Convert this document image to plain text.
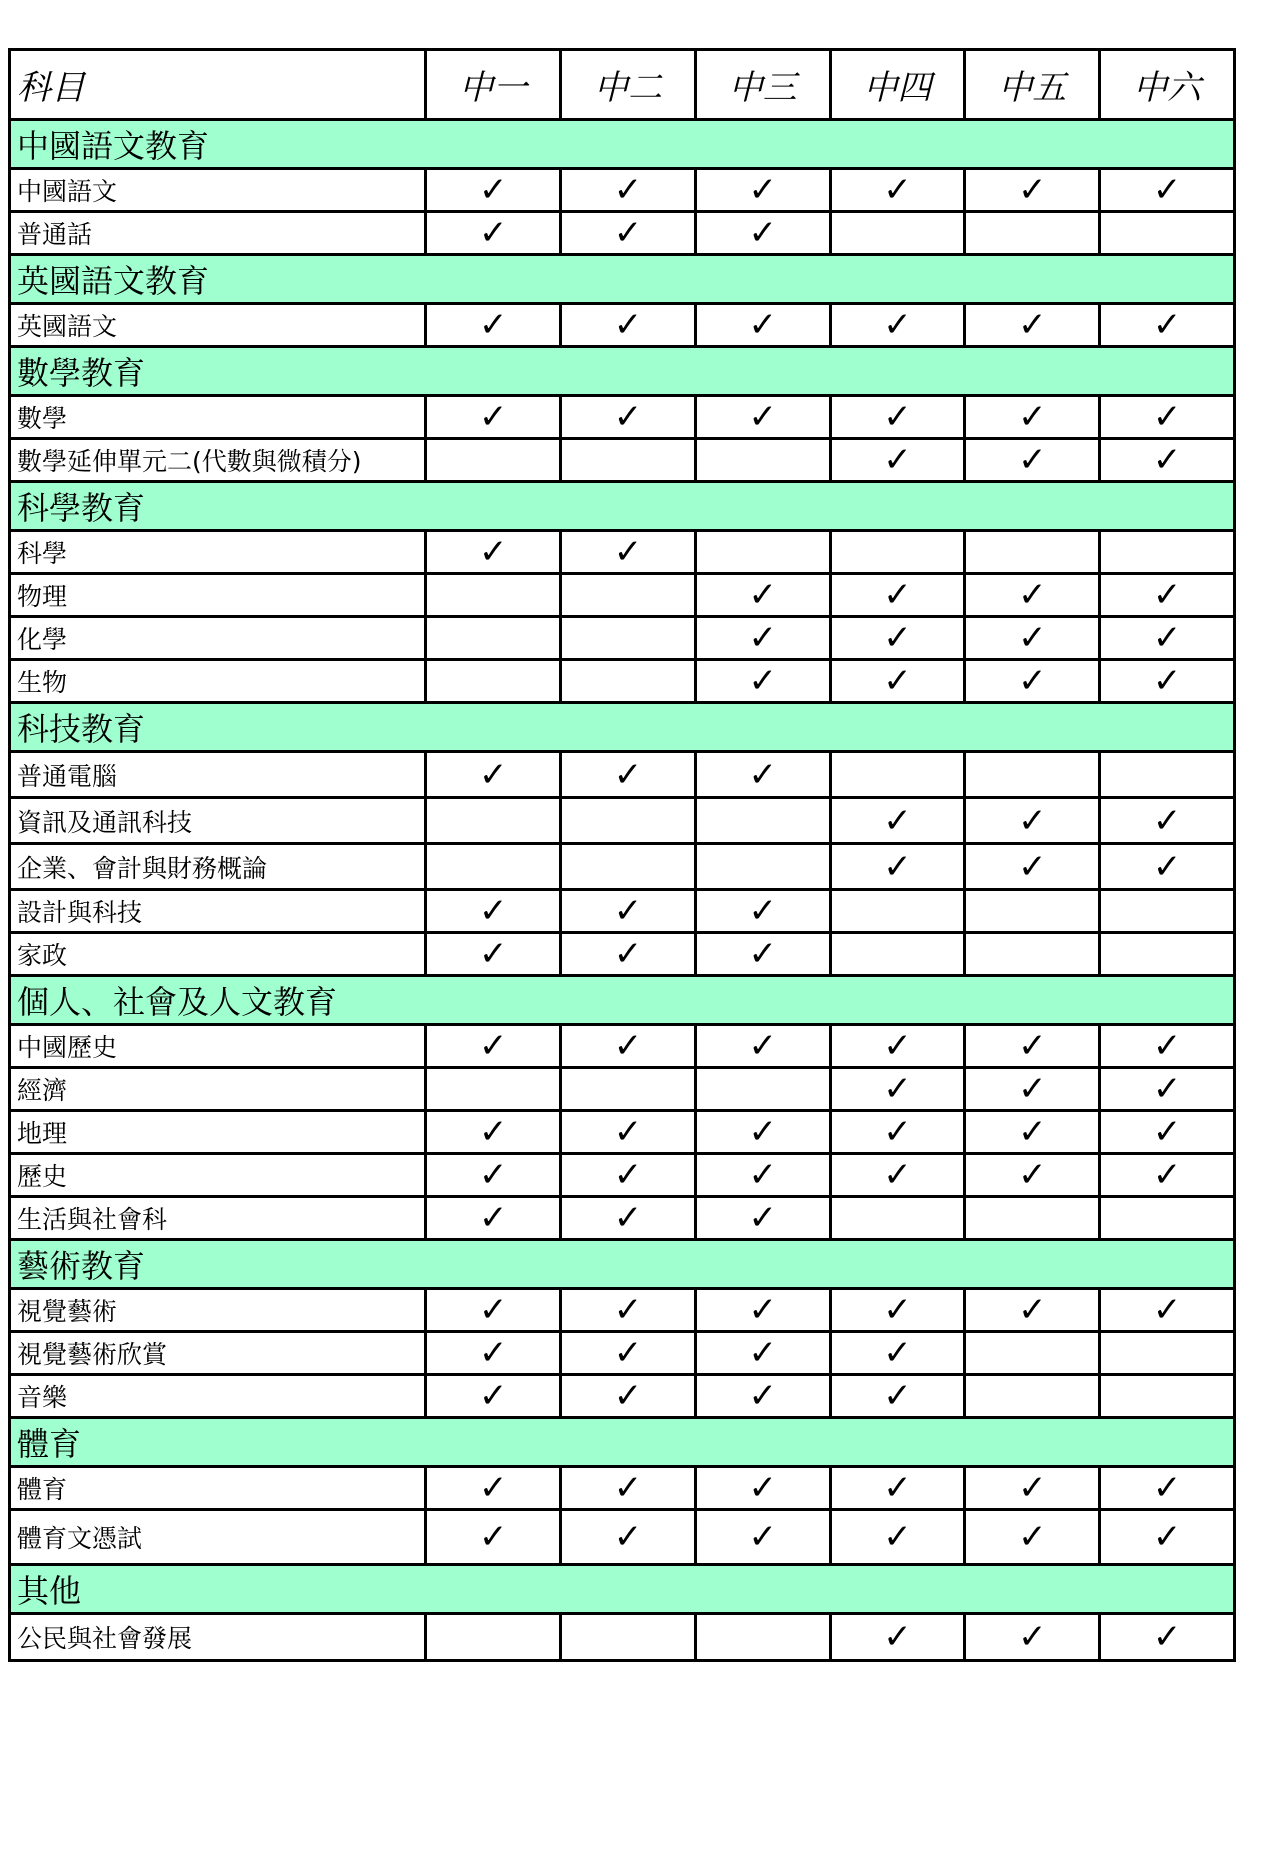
科目	中一	中二	中三	中四	中五	中六
中國語文教育						
中國語文	✓	✓	✓	✓	✓	✓
普通話	✓	✓	✓			
英國語文教育						
英國語文	✓	✓	✓	✓	✓	✓
數學教育						
數學	✓	✓	✓	✓	✓	✓
數學延伸單元二(代數與微積分)				✓	✓	✓
科學教育						
科學	✓	✓				
物理			✓	✓	✓	✓
化學			✓	✓	✓	✓
生物			✓	✓	✓	✓
科技教育						
普通電腦	✓	✓	✓			
資訊及通訊科技				✓	✓	✓
企業、會計與財務概論				✓	✓	✓
設計與科技	✓	✓	✓			
家政	✓	✓	✓			
個人、社會及人文教育						
中國歷史	✓	✓	✓	✓	✓	✓
經濟				✓	✓	✓
地理	✓	✓	✓	✓	✓	✓
歷史	✓	✓	✓	✓	✓	✓
生活與社會科	✓	✓	✓			
藝術教育						
視覺藝術	✓	✓	✓	✓	✓	✓
視覺藝術欣賞	✓	✓	✓	✓		
音樂	✓	✓	✓	✓		
體育						
體育	✓	✓	✓	✓	✓	✓
體育文憑試	✓	✓	✓	✓	✓	✓
其他						
公民與社會發展				✓	✓	✓
